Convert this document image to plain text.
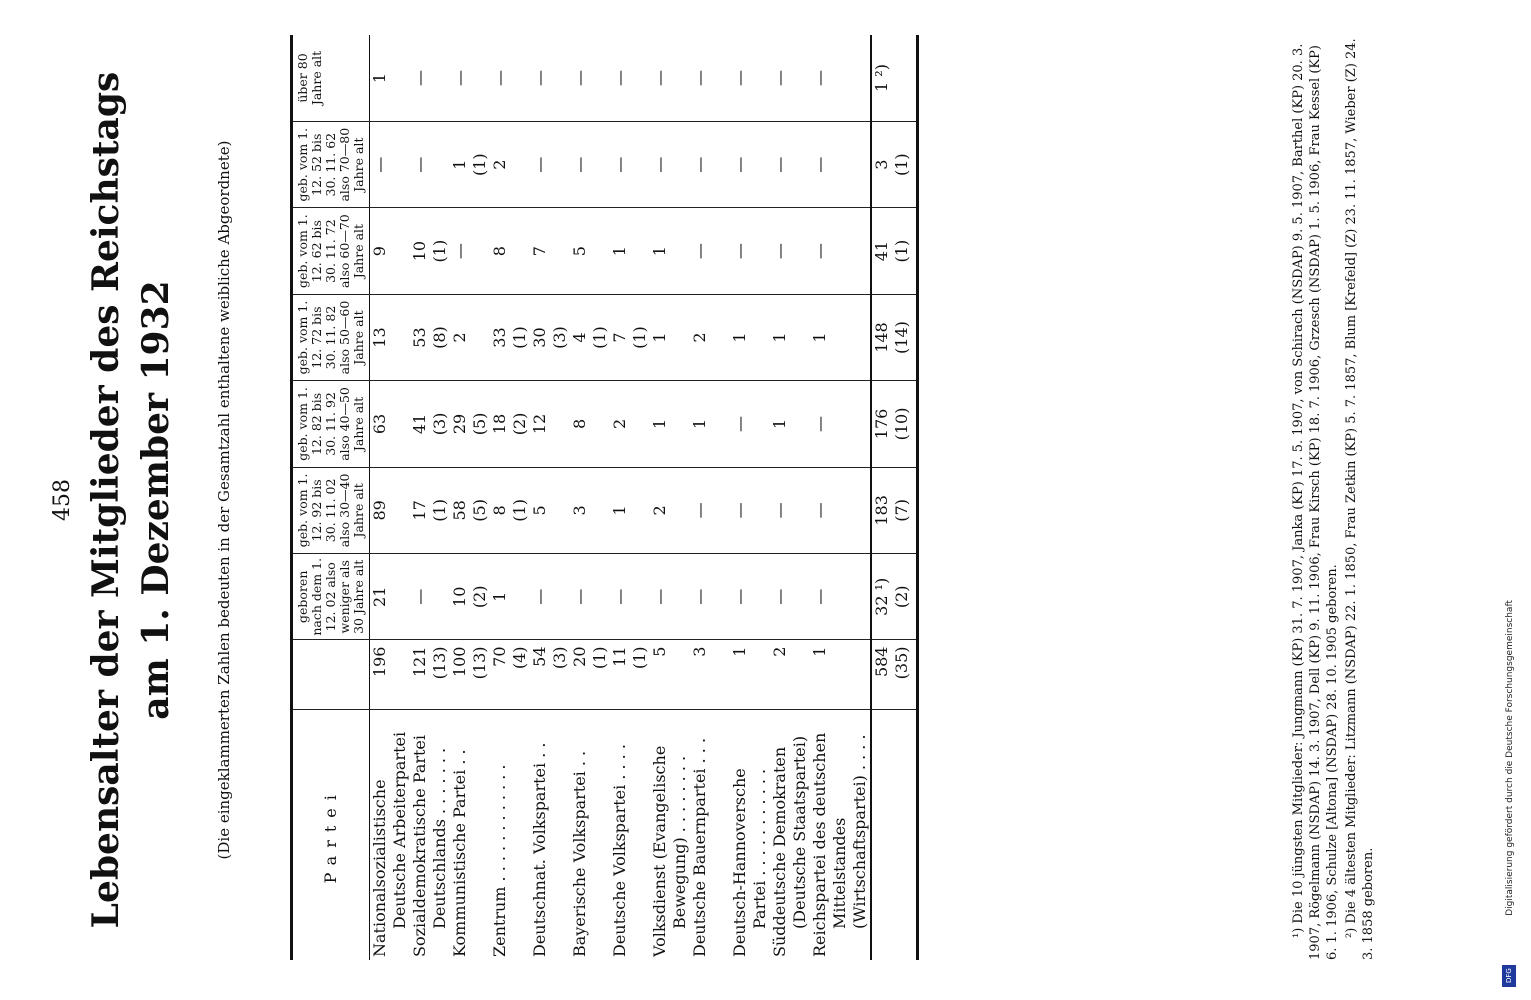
458 Lebensalter der Mitglieder des Reichstags am 1. Dezember 1932	(Die eingeklammerten Zahlen bedeuten in der Gesamtzahl enthaltene weibliche Abgeordnete)	Partei		geboren nach dem 1. 12. 02 also weniger als 30 Jahre alt	geb. vom 1. 12. 92 bis 30. 11. 02 also 30—40 Jahre alt	geb. vom 1. 12. 82 bis 30. 11. 92 also 40—50 Jahre alt	geb. vom 1. 12. 72 bis 30. 11. 82 also 50—60 Jahre alt	geb. vom 1. 12. 62 bis 30. 11. 72 also 60—70 Jahre alt	geb. vom 1. 12. 52 bis 30. 11. 62 also 70—80 Jahre alt	über 80 Jahre alt

Nationalsozialistische Deutsche Arbeiterpartei	196	21	89	63	13	9	—	1

Sozialdemokratische Partei Deutschlands . . . . . . .	121 (13)	—	17 (1)	41 (3)	53 (8)	10 (1)	—	—

Kommunistische Partei . .	100 (13)	10 (2)	58 (5)	29 (5)	2	—	1 (1)	—

Zentrum . . . . . . . . . . . .	70 (4)	1	8 (1)	18 (2)	33 (1)	8	2	—

Deutschnat. Volkspartei . .	54 (3)	—	5	12	30 (3)	7	—	—

Bayerische Volkspartei . .	20 (1)	—	3	8	4 (1)	5	—	—

Deutsche Volkspartei . . . .	11 (1)	—	1	2	7 (1)	1	—	—

Volksdienst (Evangelische Bewegung) . . . . . . . .	5	—	2	1	1	1	—	—

Deutsche Bauernpartei . . .	3	—	—	1	2	—	—	—

Deutsch-Hannoversche Partei . . . . . . . . . . .	1	—	—	—	1	—	—	—

Süddeutsche Demokraten (Deutsche Staatspartei)	2	—	—	1	1	—	—	—

Reichspartei des deutschen Mittelstandes (Wirtschaftspartei) . . . .	1	—	—	—	1	—	—	—

	584 (35)	32 ¹) (2)	183 (7)	176 (10)	148 (14)	41 (1)	3 (1)	1 ²)	¹) Die 10 jüngsten Mitglieder: Jungmann (KP) 31. 7. 1907, Janka (KP) 17. 5. 1907, von Schirach (NSDAP) 9. 5. 1907, Barthel (KP) 20. 3. 1907, Rögelmann (NSDAP) 14. 3. 1907, Dell (KP) 9. 11. 1906, Frau Kirsch (KP) 18. 7. 1906, Grzesch (NSDAP) 1. 5. 1906, Frau Kessel (KP) 6. 1. 1906, Schulze [Altona] (NSDAP) 28. 10. 1905 geboren. ²) Die 4 ältesten Mitglieder: Litzmann (NSDAP) 22. 1. 1850, Frau Zetkin (KP) 5. 7. 1857, Blum [Krefeld] (Z) 23. 11. 1857, Wieber (Z) 24. 3. 1858 geboren.	Digitalisierung gefördert durch die Deutsche Forschungsgemeinschaft
DFG
